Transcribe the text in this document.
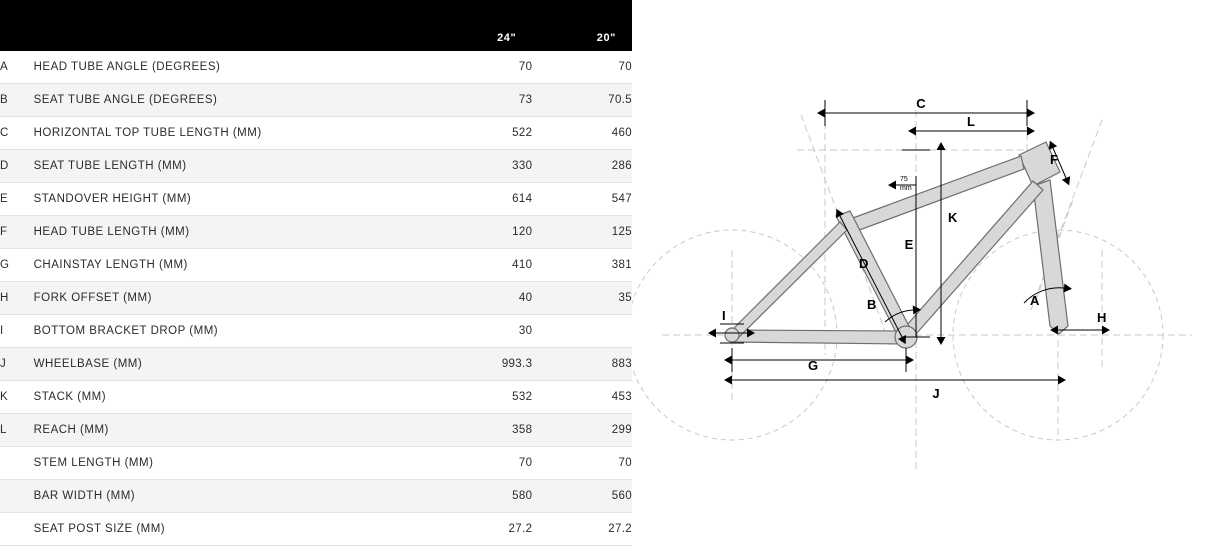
		24"	20"
A	HEAD TUBE ANGLE (DEGREES)	70	70
B	SEAT TUBE ANGLE (DEGREES)	73	70.5
C	HORIZONTAL TOP TUBE LENGTH (MM)	522	460
D	SEAT TUBE LENGTH (MM)	330	286
E	STANDOVER HEIGHT (MM)	614	547
F	HEAD TUBE LENGTH (MM)	120	125
G	CHAINSTAY LENGTH (MM)	410	381
H	FORK OFFSET (MM)	40	35
I	BOTTOM BRACKET DROP (MM)	30	
J	WHEELBASE (MM)	993.3	883
K	STACK (MM)	532	453
L	REACH (MM)	358	299
	STEM LENGTH (MM)	70	70
	BAR WIDTH (MM)	580	560
	SEAT POST SIZE (MM)	27.2	27.2
C
L
75
mm
K
E
D
B
G
J
I
A
H
F
